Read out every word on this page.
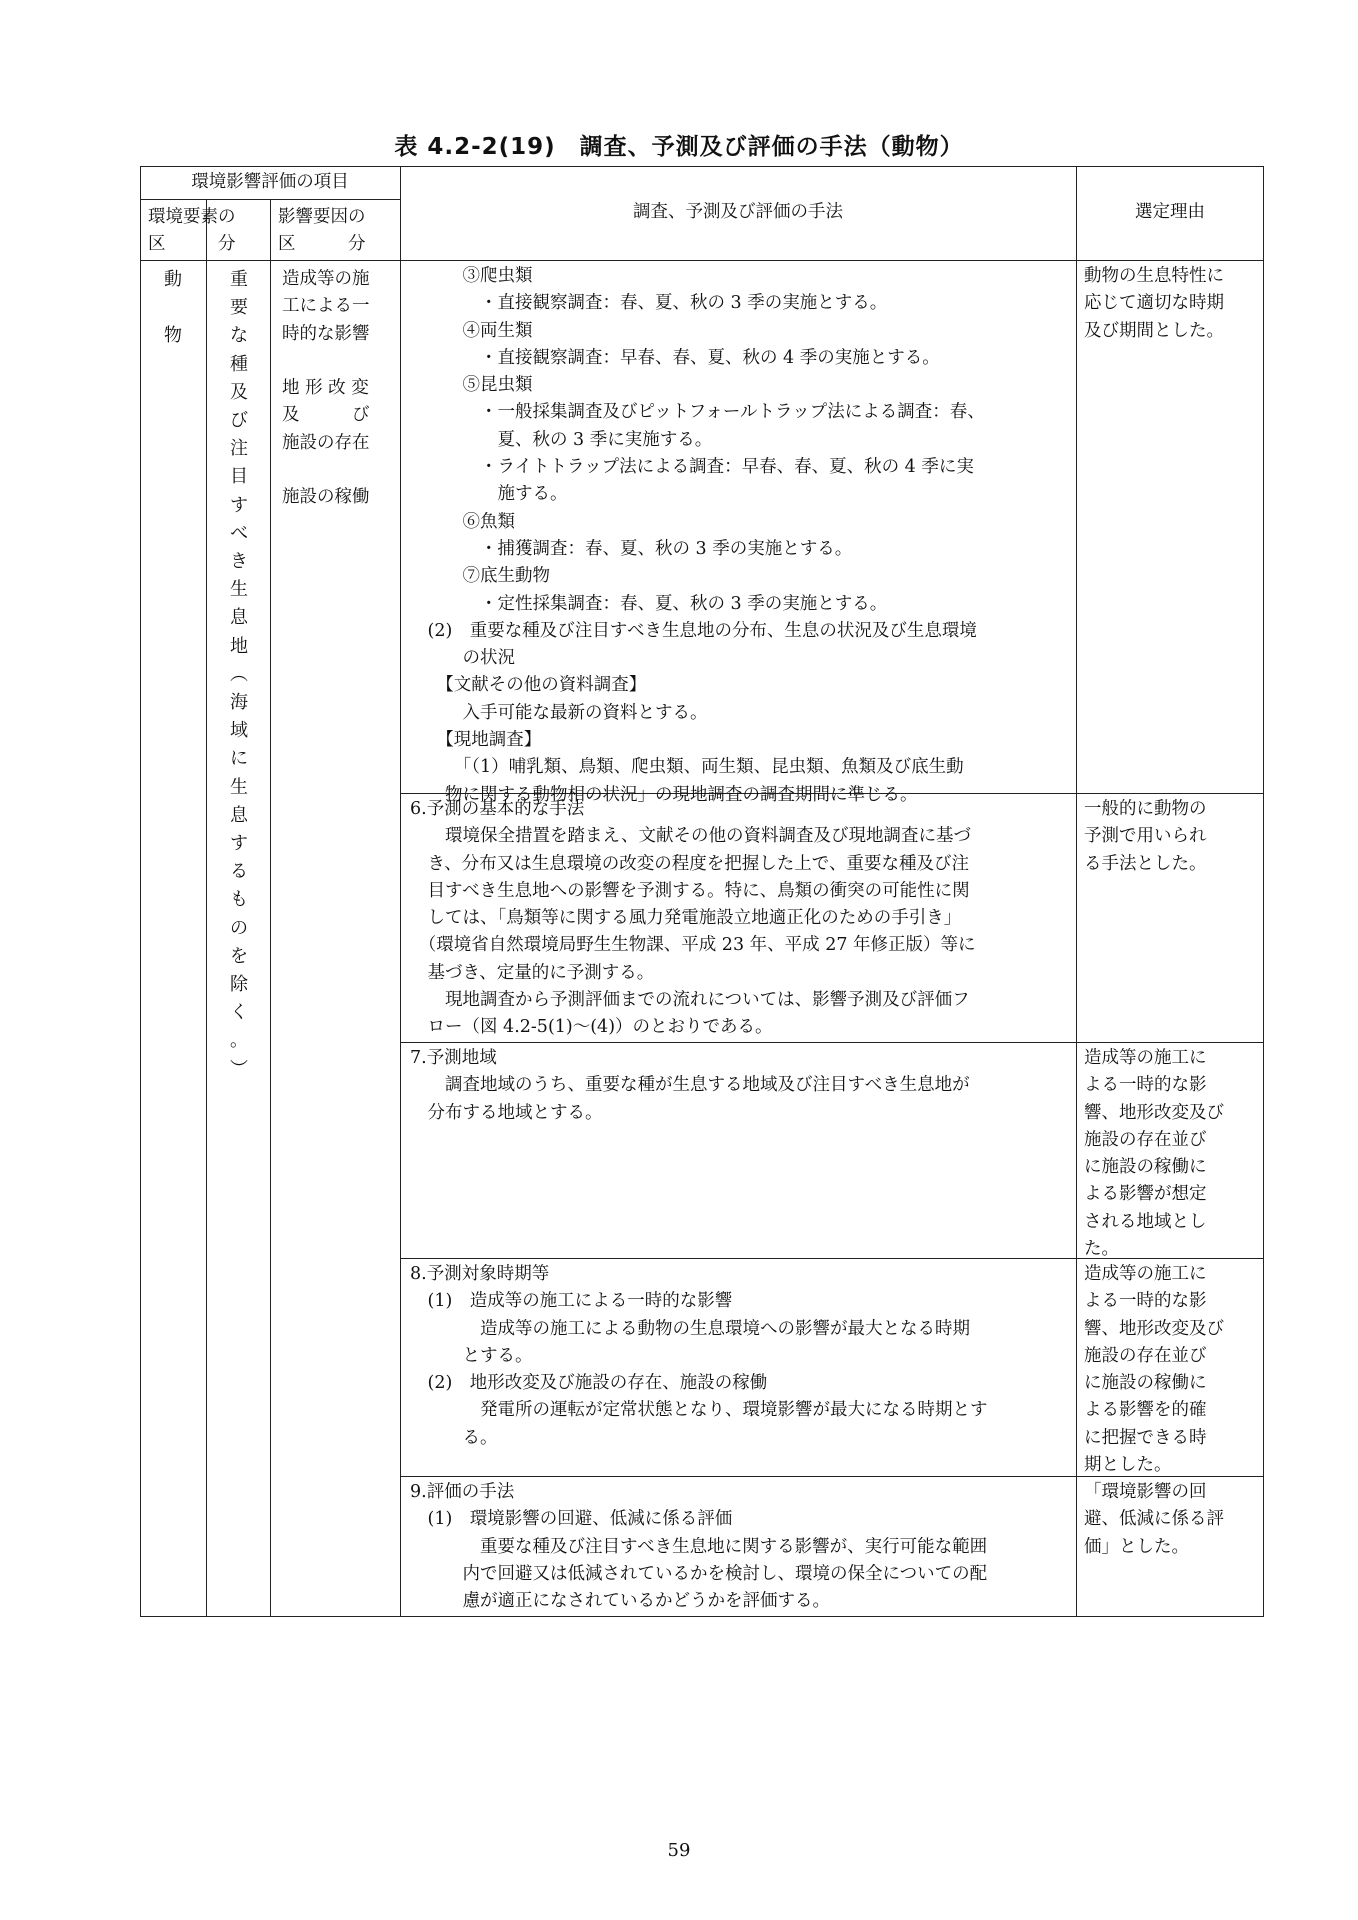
表 4.2-2(19)　調査、予測及び評価の手法（動物）
環境影響評価の項目
環境要素の
区　　　分
影響要因の
区　　　分
調査、予測及び評価の手法	選定理由
動

物
重
要
な
種
及
び
注
目
す
べ
き
生
息
地
︵
海
域
に
生
息
す
る
も
の
を
除
く
。
︶
造成等の施
工による一
時的な影響

地 形 改 変
及　　　び
施設の存在

施設の稼働
　　　③爬虫類
　　　　・直接観察調査：春、夏、秋の 3 季の実施とする。
　　　④両生類
　　　　・直接観察調査：早春、春、夏、秋の 4 季の実施とする。
　　　⑤昆虫類
　　　　・一般採集調査及びピットフォールトラップ法による調査：春、
　　　　　夏、秋の 3 季に実施する。
　　　　・ライトトラップ法による調査：早春、春、夏、秋の 4 季に実
　　　　　施する。
　　　⑥魚類
　　　　・捕獲調査：春、夏、秋の 3 季の実施とする。
　　　⑦底生動物
　　　　・定性採集調査：春、夏、秋の 3 季の実施とする。
　(2)　重要な種及び注目すべき生息地の分布、生息の状況及び生息環境
　　　の状況
　　【文献その他の資料調査】
　　　入手可能な最新の資料とする。
　　【現地調査】
　　　「（1）哺乳類、鳥類、爬虫類、両生類、昆虫類、魚類及び底生動
　　物に関する動物相の状況」の現地調査の調査期間に準じる。
動物の生息特性に
応じて適切な時期
及び期間とした。
6.予測の基本的な手法
　　環境保全措置を踏まえ、文献その他の資料調査及び現地調査に基づ
　き、分布又は生息環境の改変の程度を把握した上で、重要な種及び注
　目すべき生息地への影響を予測する。特に、鳥類の衝突の可能性に関
　しては、「鳥類等に関する風力発電施設立地適正化のための手引き」
　（環境省自然環境局野生生物課、平成 23 年、平成 27 年修正版）等に
　基づき、定量的に予測する。
　　現地調査から予測評価までの流れについては、影響予測及び評価フ
　ロー（図 4.2-5(1)～(4)）のとおりである。
一般的に動物の
予測で用いられ
る手法とした。
7.予測地域
　　調査地域のうち、重要な種が生息する地域及び注目すべき生息地が
　分布する地域とする。
造成等の施工に
よる一時的な影
響、地形改変及び
施設の存在並び
に施設の稼働に
よる影響が想定
される地域とし
た。
8.予測対象時期等
　(1)　造成等の施工による一時的な影響
　　　　造成等の施工による動物の生息環境への影響が最大となる時期
　　　とする。
　(2)　地形改変及び施設の存在、施設の稼働
　　　　発電所の運転が定常状態となり、環境影響が最大になる時期とす
　　　る。
造成等の施工に
よる一時的な影
響、地形改変及び
施設の存在並び
に施設の稼働に
よる影響を的確
に把握できる時
期とした。
9.評価の手法
　(1)　環境影響の回避、低減に係る評価
　　　　重要な種及び注目すべき生息地に関する影響が、実行可能な範囲
　　　内で回避又は低減されているかを検討し、環境の保全についての配
　　　慮が適正になされているかどうかを評価する。
「環境影響の回
避、低減に係る評
価」とした。
59
